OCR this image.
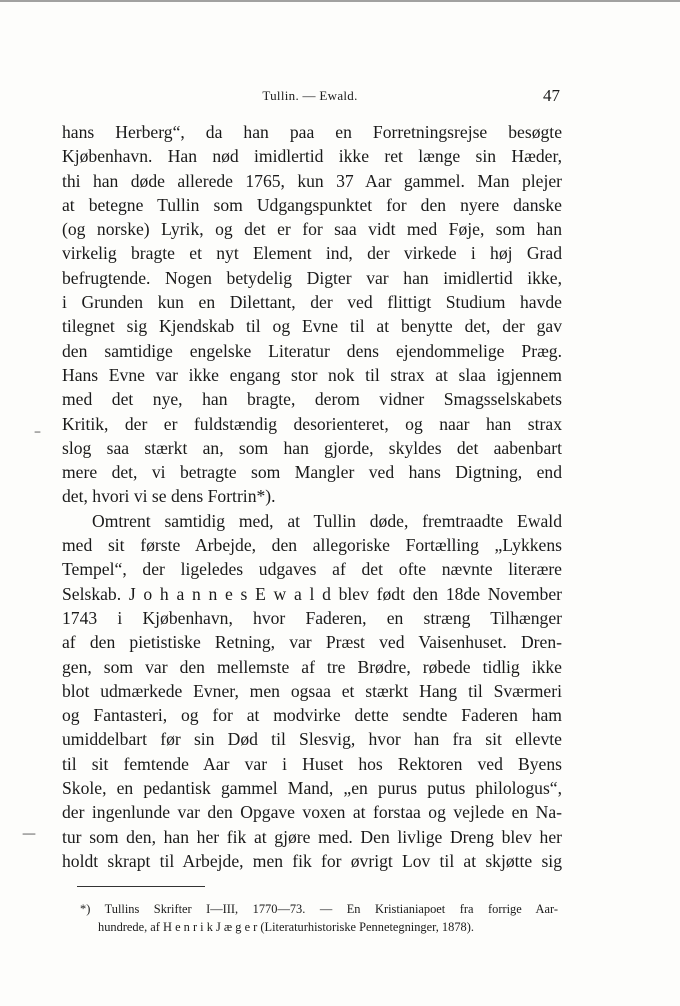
Tullin. — Ewald.	47
hans Herberg“, da han paa en Forretningsrejse besøgte
Kjøbenhavn. Han nød imidlertid ikke ret længe sin Hæder,
thi han døde allerede 1765, kun 37 Aar gammel. Man plejer
at betegne Tullin som Udgangspunktet for den nyere danske
(og norske) Lyrik, og det er for saa vidt med Føje, som han
virkelig bragte et nyt Element ind, der virkede i høj Grad
befrugtende. Nogen betydelig Digter var han imidlertid ikke,
i Grunden kun en Dilettant, der ved flittigt Studium havde
tilegnet sig Kjendskab til og Evne til at benytte det, der gav
den samtidige engelske Literatur dens ejendommelige Præg.
Hans Evne var ikke engang stor nok til strax at slaa igjennem
med det nye, han bragte, derom vidner Smagsselskabets
Kritik, der er fuldstændig desorienteret, og naar han strax
slog saa stærkt an, som han gjorde, skyldes det aabenbart
mere det, vi betragte som Mangler ved hans Digtning, end
det, hvori vi se dens Fortrin*).
Omtrent samtidig med, at Tullin døde, fremtraadte Ewald
med sit første Arbejde, den allegoriske Fortælling „Lykkens
Tempel“, der ligeledes udgaves af det ofte nævnte literære
Selskab. J o h a n n e s E w a l d blev født den 18de November
1743 i Kjøbenhavn, hvor Faderen, en stræng Tilhænger
af den pietistiske Retning, var Præst ved Vaisenhuset. Dren-
gen, som var den mellemste af tre Brødre, røbede tidlig ikke
blot udmærkede Evner, men ogsaa et stærkt Hang til Sværmeri
og Fantasteri, og for at modvirke dette sendte Faderen ham
umiddelbart før sin Død til Slesvig, hvor han fra sit ellevte
til sit femtende Aar var i Huset hos Rektoren ved Byens
Skole, en pedantisk gammel Mand, „en purus putus philologus“,
der ingenlunde var den Opgave voxen at forstaa og vejlede en Na-
tur som den, han her fik at gjøre med. Den livlige Dreng blev her
holdt skrapt til Arbejde, men fik for øvrigt Lov til at skjøtte sig
–
—
*) Tullins Skrifter I—III, 1770—73. — En Kristianiapoet fra forrige Aar-
hundrede, af H e n r i k J æ g e r (Literaturhistoriske Pennetegninger, 1878).
